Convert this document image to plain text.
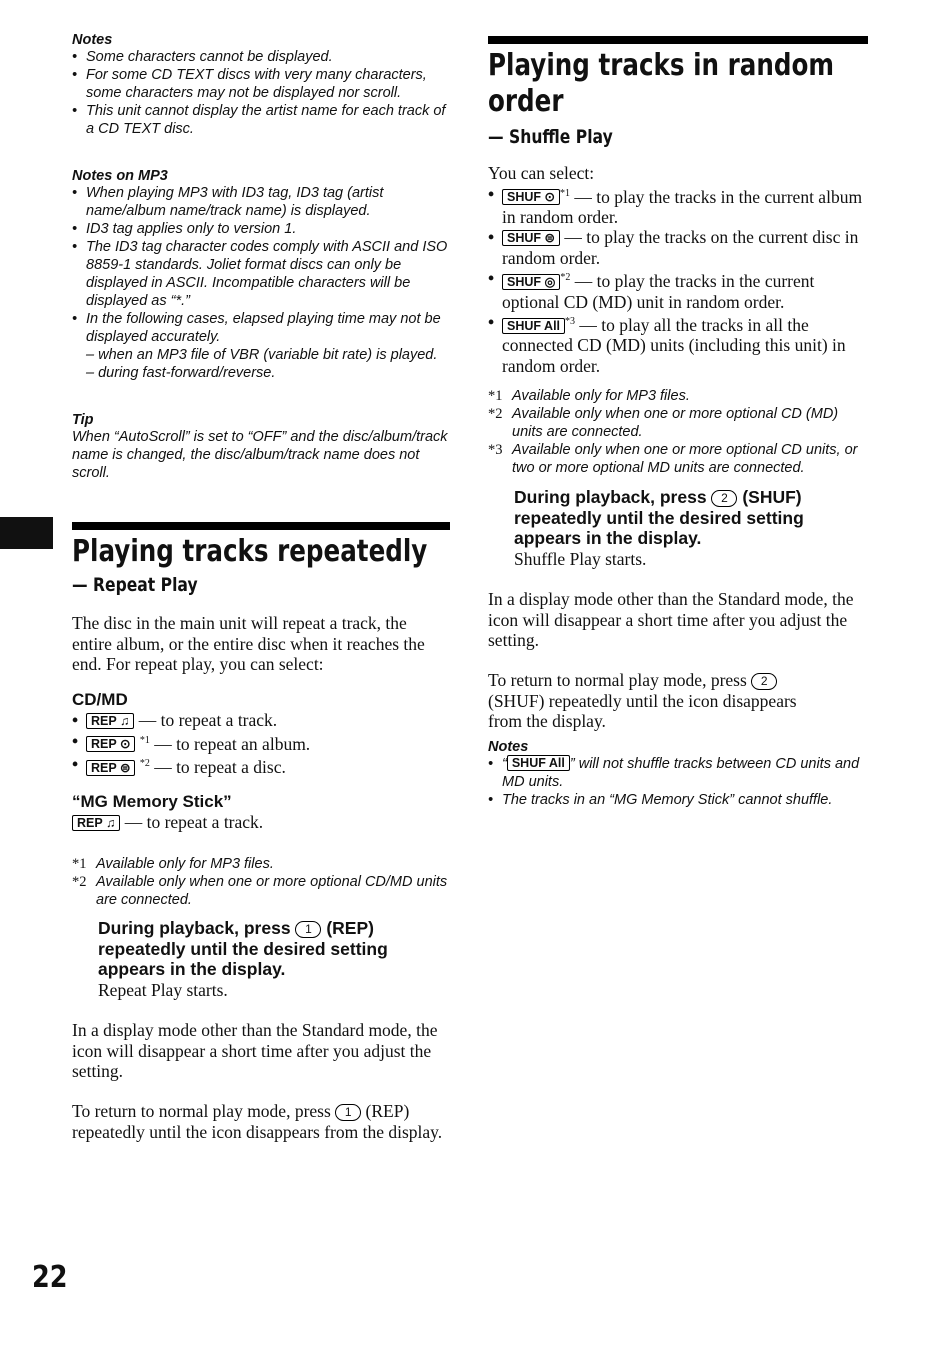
Notes
• Some characters cannot be displayed.
• For some CD TEXT discs with very many characters, some characters may not be displayed nor scroll.
• This unit cannot display the artist name for each track of a CD TEXT disc.
Notes on MP3
• When playing MP3 with ID3 tag, ID3 tag (artist name/album name/track name) is displayed.
• ID3 tag applies only to version 1.
• The ID3 tag character codes comply with ASCII and ISO 8859-1 standards. Joliet format discs can only be displayed in ASCII. Incompatible characters will be displayed as “*.”
• In the following cases, elapsed playing time may not be displayed accurately.
– when an MP3 file of VBR (variable bit rate) is played.
– during fast-forward/reverse.
Tip
When “AutoScroll” is set to “OFF” and the disc/album/track name is changed, the disc/album/track name does not scroll.
Playing tracks repeatedly
— Repeat Play
The disc in the main unit will repeat a track, the entire album, or the entire disc when it reaches the end. For repeat play, you can select:
CD/MD
• REP ♫ — to repeat a track.
• REP ⊙ $^{*1}$ — to repeat an album.
• REP ⊜ $^{*2}$ — to repeat a disc.
“MG Memory Stick”
REP ♫ — to repeat a track.
*1 Available only for MP3 files.
*2 Available only when one or more optional CD/MD units are connected.
During playback, press 1 (REP) repeatedly until the desired setting appears in the display.
Repeat Play starts.
In a display mode other than the Standard mode, the icon will disappear a short time after you adjust the setting.
To return to normal play mode, press 1 (REP) repeatedly until the icon disappears from the display.
Playing tracks in random
order
— Shuffle Play
You can select:
• SHUF ⊙ $^{*1}$ — to play the tracks in the current album in random order.
• SHUF ⊜ — to play the tracks on the current disc in random order.
• SHUF ◎ $^{*2}$ — to play the tracks in the current optional CD (MD) unit in random order.
• SHUF All $^{*3}$ — to play all the tracks in all the connected CD (MD) units (including this unit) in random order.
*1 Available only for MP3 files.
*2 Available only when one or more optional CD (MD) units are connected.
*3 Available only when one or more optional CD units, or two or more optional MD units are connected.
During playback, press 2 (SHUF) repeatedly until the desired setting appears in the display.
Shuffle Play starts.
In a display mode other than the Standard mode, the icon will disappear a short time after you adjust the setting.
To return to normal play mode, press 2 (SHUF) repeatedly until the icon disappears from the display.
Notes
• “ SHUF All ” will not shuffle tracks between CD units and MD units.
• The tracks in an “MG Memory Stick” cannot shuffle.
22
